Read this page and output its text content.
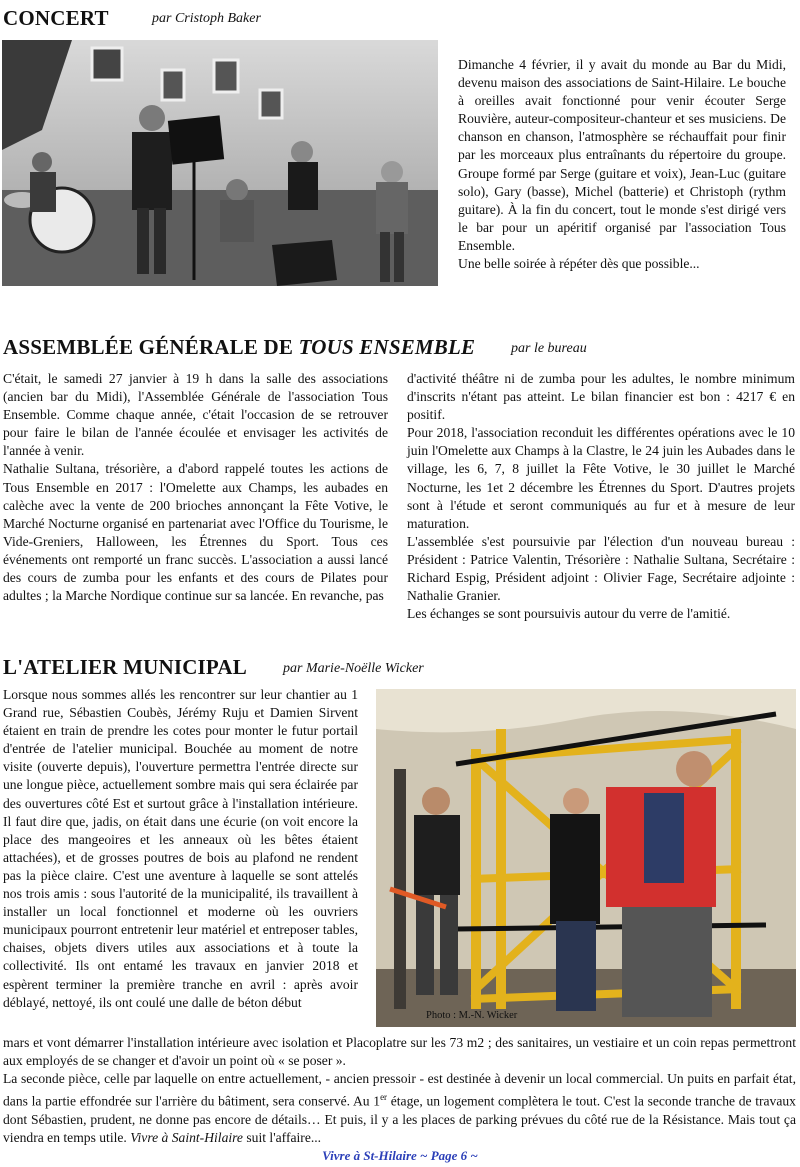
CONCERT	par Cristoph Baker

Dimanche 4 février, il y avait du monde au Bar du Midi, devenu maison des associations de Saint-Hilaire. Le bouche à oreilles avait fonctionné pour venir écouter Serge Rouvière, auteur-compositeur-chanteur et ses musiciens. De chanson en chanson, l'atmosphère se réchauffait pour finir par les morceaux plus entraînants du répertoire du groupe. Groupe formé par Serge (guitare et voix), Jean-Luc (guitare solo), Gary (basse), Michel (batterie) et Christoph (rythm guitare). À la fin du concert, tout le monde s'est dirigé vers le bar pour un apéritif organisé par l'association Tous Ensemble.

Une belle soirée à répéter dès que possible...

ASSEMBLÉE GÉNÉRALE DE TOUS ENSEMBLE	par le bureau

C'était, le samedi 27 janvier à 19 h dans la salle des associations (ancien bar du Midi), l'Assemblée Générale de l'association Tous Ensemble. Comme chaque année, c'était l'occasion de se retrouver pour faire le bilan de l'année écoulée et envisager les activités de l'année à venir.

Nathalie Sultana, trésorière, a d'abord rappelé toutes les actions de Tous Ensemble en 2017 : l'Omelette aux Champs, les aubades en calèche avec la vente de 200 brioches annonçant la Fête Votive, le Marché Nocturne organisé en partenariat avec l'Office du Tourisme, le Vide-Greniers, Halloween, les Étrennes du Sport. Tous ces événements ont remporté un franc succès. L'association a aussi lancé des cours de zumba pour les enfants et des cours de Pilates pour adultes ; la Marche Nordique continue sur sa lancée. En revanche, pas

d'activité théâtre ni de zumba pour les adultes, le nombre minimum d'inscrits n'étant pas atteint. Le bilan financier est bon : 4217 € en positif.

Pour 2018, l'association reconduit les différentes opérations avec le 10 juin l'Omelette aux Champs à la Clastre, le 24 juin les Aubades dans le village, les 6, 7, 8 juillet la Fête Votive, le 30 juillet le Marché Nocturne, les 1et 2 décembre les Étrennes du Sport. D'autres projets sont à l'étude et seront communiqués au fur et à mesure de leur maturation.

L'assemblée s'est poursuivie par l'élection d'un nouveau bureau : Président : Patrice Valentin, Trésorière : Nathalie Sultana, Secrétaire : Richard Espig, Président adjoint : Olivier Fage, Secrétaire adjointe : Nathalie Granier.

Les échanges se sont poursuivis autour du verre de l'amitié.

L'ATELIER MUNICIPAL	par Marie-Noëlle Wicker

Lorsque nous sommes allés les rencontrer sur leur chantier au 1 Grand rue, Sébastien Coubès, Jérémy Ruju et Damien Sirvent étaient en train de prendre les cotes pour monter le futur portail d'entrée de l'atelier municipal. Bouchée au moment de notre visite (ouverte depuis), l'ouverture permettra l'entrée directe sur une longue pièce, actuellement sombre mais qui sera éclairée par des ouvertures côté Est et surtout grâce à l'installation intérieure. Il faut dire que, jadis, on était dans une écurie (on voit encore la place des mangeoires et les anneaux où les bêtes étaient attachées), et de grosses poutres de bois au plafond ne rendent pas la pièce claire. C'est une aventure à laquelle se sont attelés nos trois amis : sous l'autorité de la municipalité, ils travaillent à installer un local fonctionnel et moderne où les ouvriers municipaux pourront entretenir leur matériel et entreposer tables, chaises, objets divers utiles aux associations et à toute la collectivité. Ils ont entamé les travaux en janvier 2018 et espèrent terminer la première tranche en avril : après avoir déblayé, nettoyé, ils ont coulé une dalle de béton début

Photo : M.-N. Wicker

mars et vont démarrer l'installation intérieure avec isolation et Placoplatre sur les 73 m2 ; des sanitaires, un vestiaire et un coin repas permettront aux employés de se changer et d'avoir un point où « se poser ».

La seconde pièce, celle par laquelle on entre actuellement, - ancien pressoir - est destinée à devenir un local commercial. Un puits en parfait état, dans la partie effondrée sur l'arrière du bâtiment, sera conservé. Au 1er étage, un logement complètera le tout. C'est la seconde tranche de travaux dont Sébastien, prudent, ne donne pas encore de détails… Et puis, il y a les places de parking prévues du côté rue de la Résistance. Mais tout ça viendra en temps utile. Vivre à Saint-Hilaire suit l'affaire...

Vivre à St-Hilaire ~ Page 6 ~
